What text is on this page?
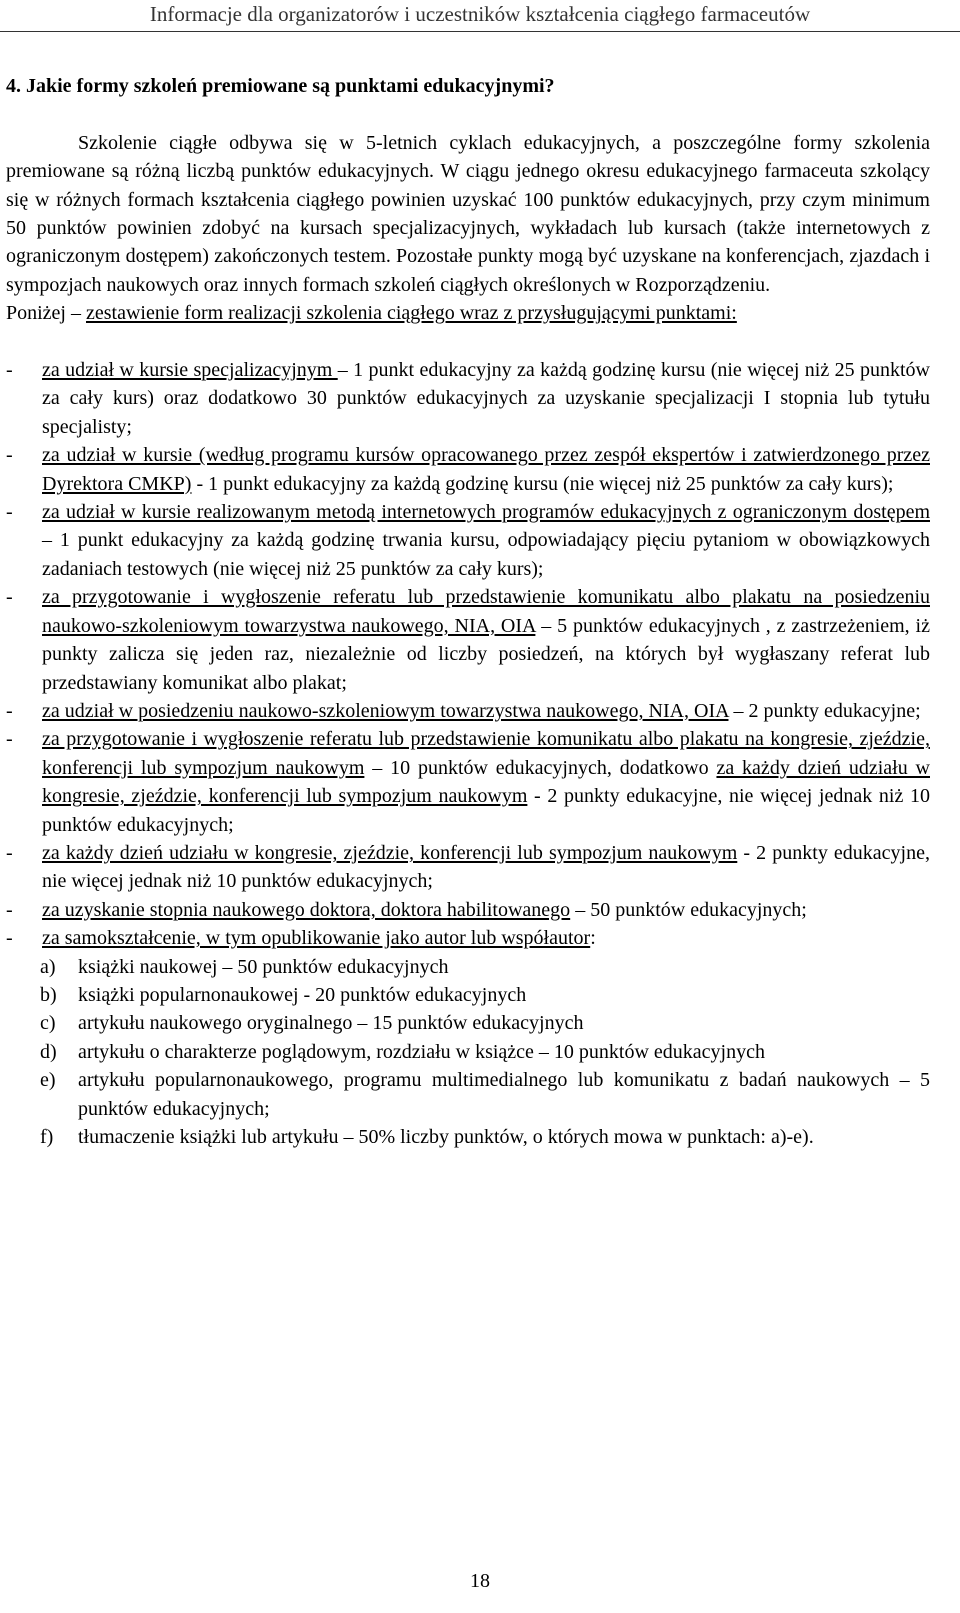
Informacje dla organizatorów i uczestników kształcenia ciągłego farmaceutów

4. Jakie formy szkoleń premiowane są punktami edukacyjnymi?

Szkolenie ciągłe odbywa się w 5-letnich cyklach edukacyjnych, a poszczególne formy szkolenia premiowane są różną liczbą punktów edukacyjnych. W ciągu jednego okresu edukacyjnego farmaceuta szkolący się w różnych formach kształcenia ciągłego powinien uzyskać 100 punktów edukacyjnych, przy czym minimum 50 punktów powinien zdobyć na kursach specjalizacyjnych, wykładach lub kursach (także internetowych z ograniczonym dostępem) zakończonych testem. Pozostałe punkty mogą być uzyskane na konferencjach, zjazdach i sympozjach naukowych oraz innych formach szkoleń ciągłych określonych w Rozporządzeniu.

Poniżej – zestawienie form realizacji szkolenia ciągłego wraz z przysługującymi punktami:

- za udział w kursie specjalizacyjnym – 1 punkt edukacyjny za każdą godzinę kursu (nie więcej niż 25 punktów za cały kurs) oraz dodatkowo 30 punktów edukacyjnych za uzyskanie specjalizacji I stopnia lub tytułu specjalisty;
- za udział w kursie (według programu kursów opracowanego przez zespół ekspertów i zatwierdzonego przez Dyrektora CMKP) - 1 punkt edukacyjny za każdą godzinę kursu (nie więcej niż 25 punktów za cały kurs);
- za udział w kursie realizowanym metodą internetowych programów edukacyjnych z ograniczonym dostępem – 1 punkt edukacyjny za każdą godzinę trwania kursu, odpowiadający pięciu pytaniom w obowiązkowych zadaniach testowych (nie więcej niż 25 punktów za cały kurs);
- za przygotowanie i wygłoszenie referatu lub przedstawienie komunikatu albo plakatu na posiedzeniu naukowo-szkoleniowym towarzystwa naukowego, NIA, OIA – 5 punktów edukacyjnych , z zastrzeżeniem, iż punkty zalicza się jeden raz, niezależnie od liczby posiedzeń, na których był wygłaszany referat lub przedstawiany komunikat albo plakat;
- za udział w posiedzeniu naukowo-szkoleniowym towarzystwa naukowego, NIA, OIA – 2 punkty edukacyjne;
- za przygotowanie i wygłoszenie referatu lub przedstawienie komunikatu albo plakatu na kongresie, zjeździe, konferencji lub sympozjum naukowym – 10 punktów edukacyjnych, dodatkowo za każdy dzień udziału w kongresie, zjeździe, konferencji lub sympozjum naukowym - 2 punkty edukacyjne, nie więcej jednak niż 10 punktów edukacyjnych;
- za każdy dzień udziału w kongresie, zjeździe, konferencji lub sympozjum naukowym - 2 punkty edukacyjne, nie więcej jednak niż 10 punktów edukacyjnych;
- za uzyskanie stopnia naukowego doktora, doktora habilitowanego – 50 punktów edukacyjnych;
- za samokształcenie, w tym opublikowanie jako autor lub współautor:
a) książki naukowej – 50 punktów edukacyjnych
b) książki popularnonaukowej - 20 punktów edukacyjnych
c) artykułu naukowego oryginalnego – 15 punktów edukacyjnych
d) artykułu o charakterze poglądowym, rozdziału w książce – 10 punktów edukacyjnych
e) artykułu popularnonaukowego, programu multimedialnego lub komunikatu z badań naukowych – 5 punktów edukacyjnych;
f) tłumaczenie książki lub artykułu – 50% liczby punktów, o których mowa w punktach: a)-e).
18
